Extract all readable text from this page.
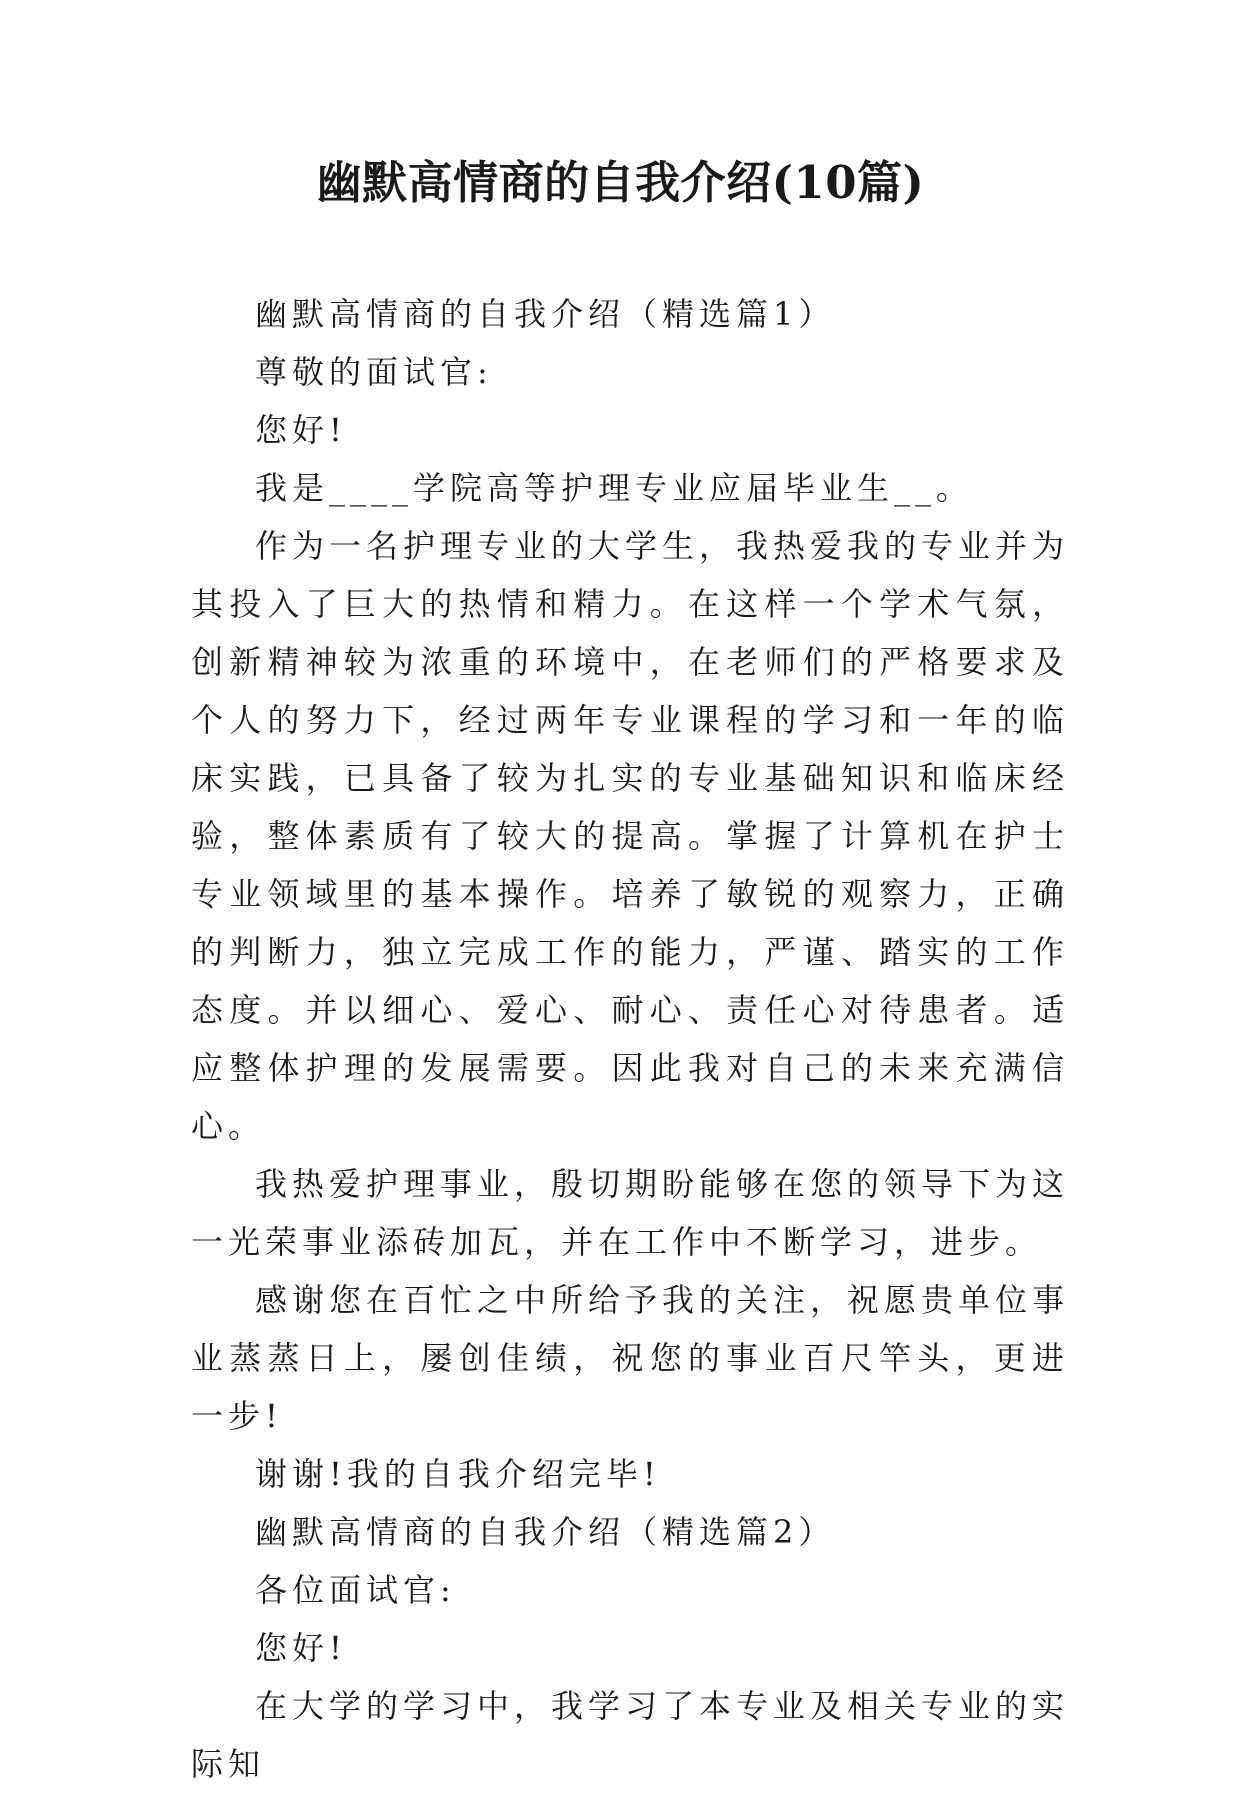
幽默高情商的自我介绍(10篇)

幽默高情商的自我介绍（精选篇1）

尊敬的面试官:

您好!

我是____学院高等护理专业应届毕业生__。

作为一名护理专业的大学生，我热爱我的专业并为其投入了巨大的热情和精力。在这样一个学术气氛，创新精神较为浓重的环境中，在老师们的严格要求及个人的努力下，经过两年专业课程的学习和一年的临床实践，已具备了较为扎实的专业基础知识和临床经验，整体素质有了较大的提高。掌握了计算机在护士专业领域里的基本操作。培养了敏锐的观察力，正确的判断力，独立完成工作的能力，严谨、踏实的工作态度。并以细心、爱心、耐心、责任心对待患者。适应整体护理的发展需要。因此我对自己的未来充满信心。

我热爱护理事业，殷切期盼能够在您的领导下为这一光荣事业添砖加瓦，并在工作中不断学习，进步。

感谢您在百忙之中所给予我的关注，祝愿贵单位事业蒸蒸日上，屡创佳绩，祝您的事业百尺竿头，更进一步!

谢谢!我的自我介绍完毕!

幽默高情商的自我介绍（精选篇2）

各位面试官:

您好!

在大学的学习中，我学习了本专业及相关专业的实际知
